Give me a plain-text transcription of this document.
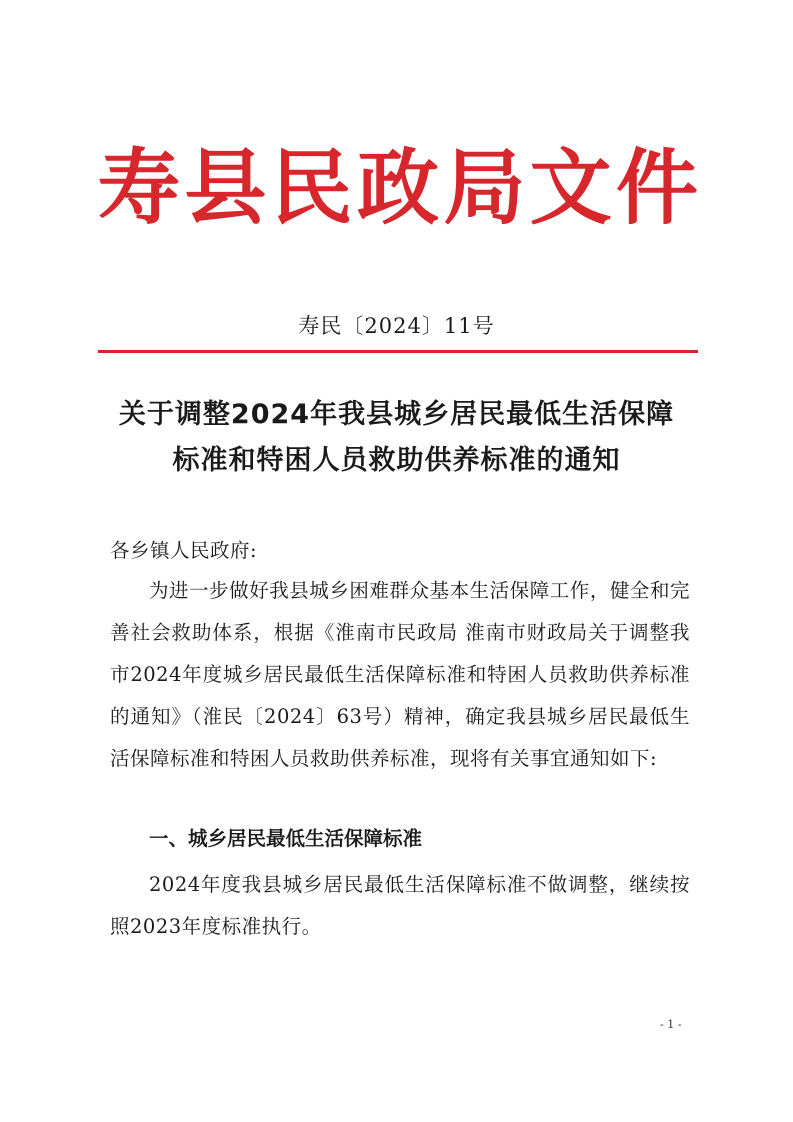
寿 县 民 政 局 文 件
寿民〔2024〕11号
关于调整2024年我县城乡居民最低生活保障
标准和特困人员救助供养标准的通知

各乡镇人民政府:

为进一步做好我县城乡困难群众基本生活保障工作，健全和完善社会救助体系，根据《淮南市民政局 淮南市财政局关于调整我市2024年度城乡居民最低生活保障标准和特困人员救助供养标准的通知》（淮民〔2024〕63号）精神，确定我县城乡居民最低生活保障标准和特困人员救助供养标准，现将有关事宜通知如下:

一、城乡居民最低生活保障标准

2024年度我县城乡居民最低生活保障标准不做调整，继续按照2023年度标准执行。

- 1 -
